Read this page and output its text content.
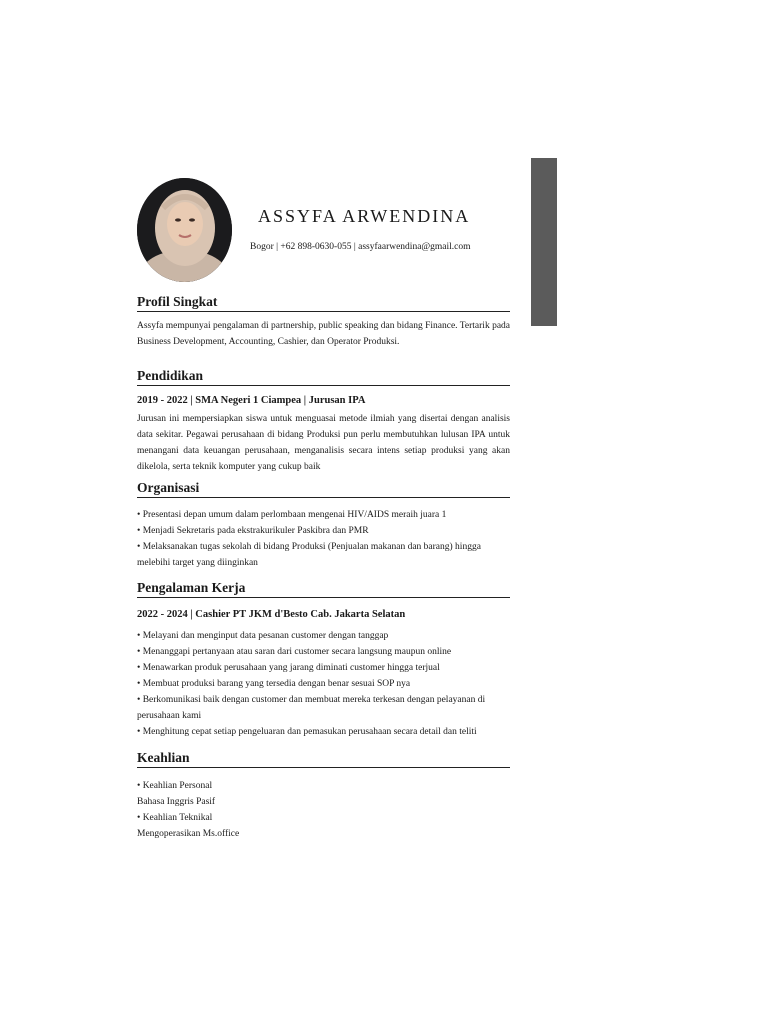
ASSYFA ARWENDINA
Bogor | +62 898-0630-055 | assyfaarwendina@gmail.com
Profil Singkat

Assyfa mempunyai pengalaman di partnership, public speaking dan bidang Finance. Tertarik pada Business Development, Accounting, Cashier, dan Operator Produksi.

Pendidikan
2019 - 2022 | SMA Negeri 1 Ciampea | Jurusan IPA

Jurusan ini mempersiapkan siswa untuk menguasai metode ilmiah yang disertai dengan analisis data sekitar. Pegawai perusahaan di bidang Produksi pun perlu membutuhkan lulusan IPA untuk menangani data keuangan perusahaan, menganalisis secara intens setiap produksi yang akan dikelola, serta teknik komputer yang cukup baik

Organisasi
• Presentasi depan umum dalam perlombaan mengenai HIV/AIDS meraih juara 1
• Menjadi Sekretaris pada ekstrakurikuler Paskibra dan PMR
• Melaksanakan tugas sekolah di bidang Produksi (Penjualan makanan dan barang) hingga melebihi target yang diinginkan
Pengalaman Kerja
2022 - 2024 | Cashier PT JKM d'Besto Cab. Jakarta Selatan
• Melayani dan menginput data pesanan customer dengan tanggap
• Menanggapi pertanyaan atau saran dari customer secara langsung maupun online
• Menawarkan produk perusahaan yang jarang diminati customer hingga terjual
• Membuat produksi barang yang tersedia dengan benar sesuai SOP nya
• Berkomunikasi baik dengan customer dan membuat mereka terkesan dengan pelayanan di perusahaan kami
• Menghitung cepat setiap pengeluaran dan pemasukan perusahaan secara detail dan teliti
Keahlian

• Keahlian Personal

Bahasa Inggris Pasif

• Keahlian Teknikal

Mengoperasikan Ms.office
